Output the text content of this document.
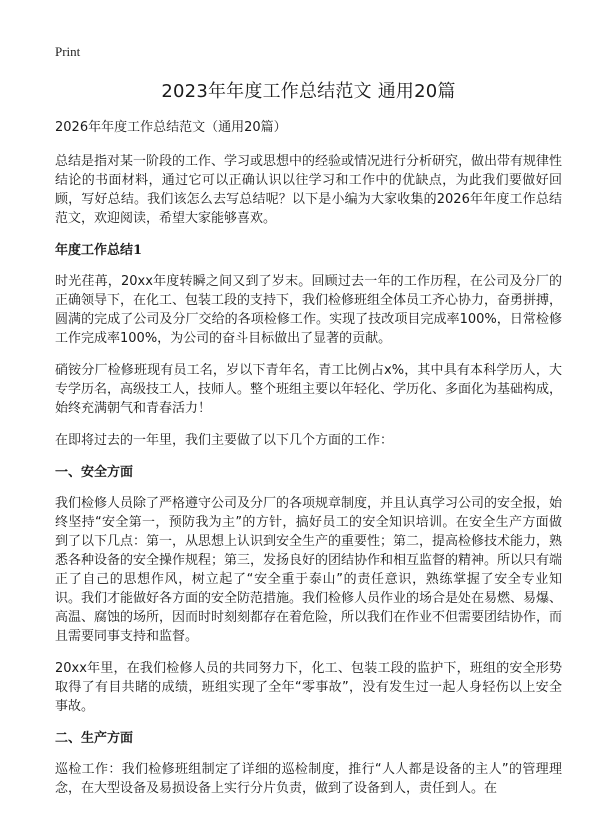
Print
2023年年度工作总结范文 通用20篇
2026年年度工作总结范文（通用20篇）

总结是指对某一阶段的工作、学习或思想中的经验或情况进行分析研究，做出带有规律性结论的书面材料，通过它可以正确认识以往学习和工作中的优缺点，为此我们要做好回顾，写好总结。我们该怎么去写总结呢？以下是小编为大家收集的2026年年度工作总结范文，欢迎阅读，希望大家能够喜欢。

年度工作总结1

时光荏苒，20xx年度转瞬之间又到了岁末。回顾过去一年的工作历程，在公司及分厂的正确领导下，在化工、包装工段的支持下，我们检修班组全体员工齐心协力，奋勇拼搏，圆满的完成了公司及分厂交给的各项检修工作。实现了技改项目完成率100%，日常检修工作完成率100%，为公司的奋斗目标做出了显著的贡献。

硝铵分厂检修班现有员工名，岁以下青年名，青工比例占x%，其中具有本科学历人，大专学历名，高级技工人，技师人。整个班组主要以年轻化、学历化、多面化为基础构成，始终充满朝气和青春活力！

在即将过去的一年里，我们主要做了以下几个方面的工作：

一、安全方面

我们检修人员除了严格遵守公司及分厂的各项规章制度，并且认真学习公司的安全报，始终坚持“安全第一，预防我为主”的方针，搞好员工的安全知识培训。在安全生产方面做到了以下几点：第一，从思想上认识到安全生产的重要性；第二，提高检修技术能力，熟悉各种设备的安全操作规程；第三，发扬良好的团结协作和相互监督的精神。所以只有端正了自己的思想作风，树立起了“安全重于泰山”的责任意识，熟练掌握了安全专业知识。我们才能做好各方面的安全防范措施。我们检修人员作业的场合是处在易燃、易爆、高温、腐蚀的场所，因而时时刻刻都存在着危险，所以我们在作业不但需要团结协作，而且需要同事支持和监督。

20xx年里，在我们检修人员的共同努力下，化工、包装工段的监护下，班组的安全形势取得了有目共睹的成绩，班组实现了全年“零事故”，没有发生过一起人身轻伤以上安全事故。

二、生产方面

巡检工作：我们检修班组制定了详细的巡检制度，推行“人人都是设备的主人”的管理理念，在大型设备及易损设备上实行分片负责，做到了设备到人，责任到人。在
